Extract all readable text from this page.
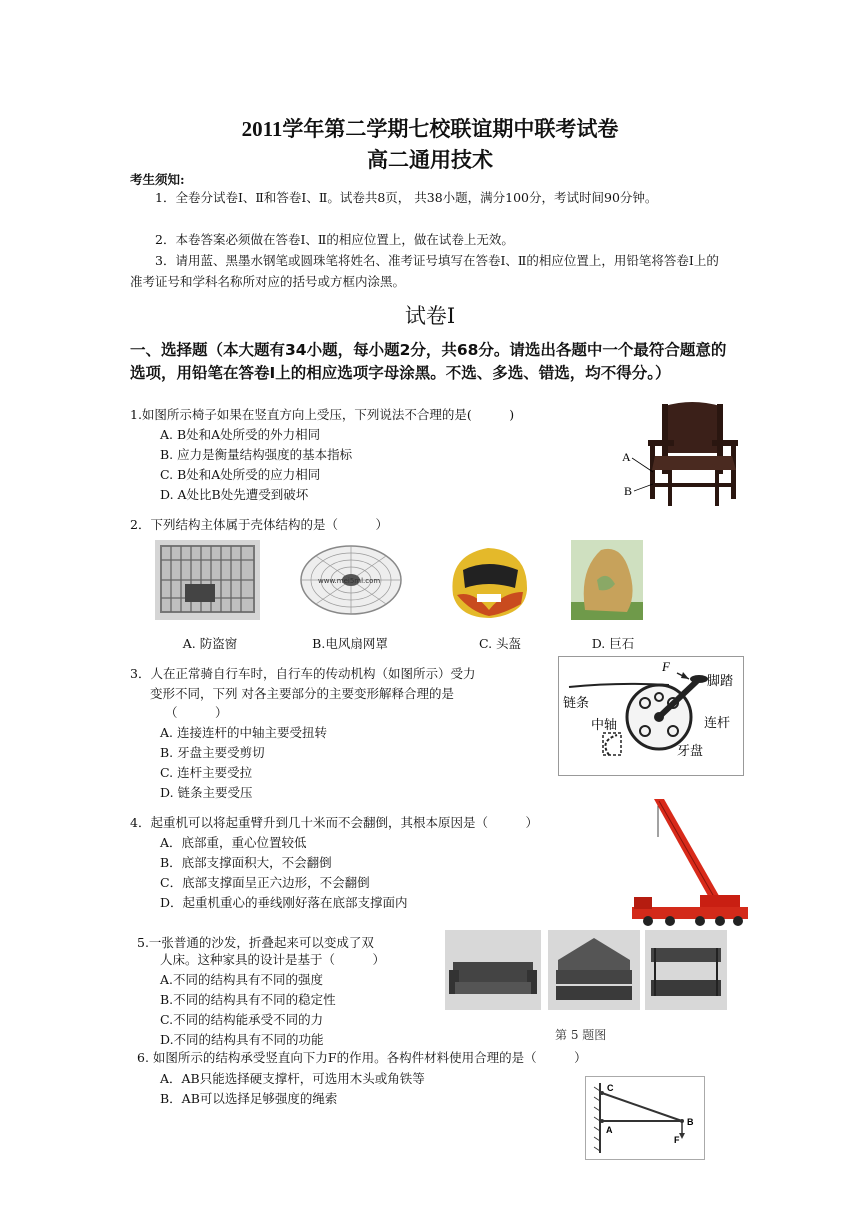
2011学年第二学期七校联谊期中联考试卷
高二通用技术
考生须知:
1．全卷分试卷Ⅰ、Ⅱ和答卷Ⅰ、Ⅱ。试卷共8页， 共38小题，满分100分，考试时间90分钟。
2．本卷答案必须做在答卷Ⅰ、Ⅱ的相应位置上，做在试卷上无效。
3．请用蓝、黑墨水钢笔或圆珠笔将姓名、准考证号填写在答卷Ⅰ、Ⅱ的相应位置上，用铅笔将答卷Ⅰ上的准考证号和学科名称所对应的括号或方框内涂黑。
试卷Ⅰ
一、选择题（本大题有34小题，每小题2分，共68分。请选出各题中一个最符合题意的选项，用铅笔在答卷Ⅰ上的相应选项字母涂黑。不选、多选、错选，均不得分。）
1.如图所示椅子如果在竖直方向上受压，下列说法不合理的是(　　　)
A. B处和A处所受的外力相同
B. 应力是衡量结构强度的基本指标
C. B处和A处所受的应力相同
D. A处比B处先遭受到破坏
A
B
2．下列结构主体属于壳体结构的是（　　　）
www.mei5ml.com
A. 防盗窗	B.电风扇网罩	C. 头盔	D. 巨石
3．人在正常骑自行车时，自行车的传动机构（如图所示）受力
变形不同，下列 对各主要部分的主要变形解释合理的是
（　　　）
A. 连接连杆的中轴主要受扭转
B. 牙盘主要受剪切
C. 连杆主要受拉
D. 链条主要受压
F
脚踏
链条
中轴	连杆
牙盘
4．起重机可以将起重臂升到几十米而不会翻倒，其根本原因是（　　　）
A．底部重，重心位置较低
B．底部支撑面积大，不会翻倒
C．底部支撑面呈正六边形，不会翻倒
D．起重机重心的垂线刚好落在底部支撑面内
5.一张普通的沙发，折叠起来可以变成了双
人床。这种家具的设计是基于（　　　）
A.不同的结构具有不同的强度
B.不同的结构具有不同的稳定性
C.不同的结构能承受不同的力
D.不同的结构具有不同的功能	第 5 题图
6. 如图所示的结构承受竖直向下力F的作用。各构件材料使用合理的是（　　　）
A．AB只能选择硬支撑杆，可选用木头或角铁等
B．AB可以选择足够强度的绳索
C
A
B
F
